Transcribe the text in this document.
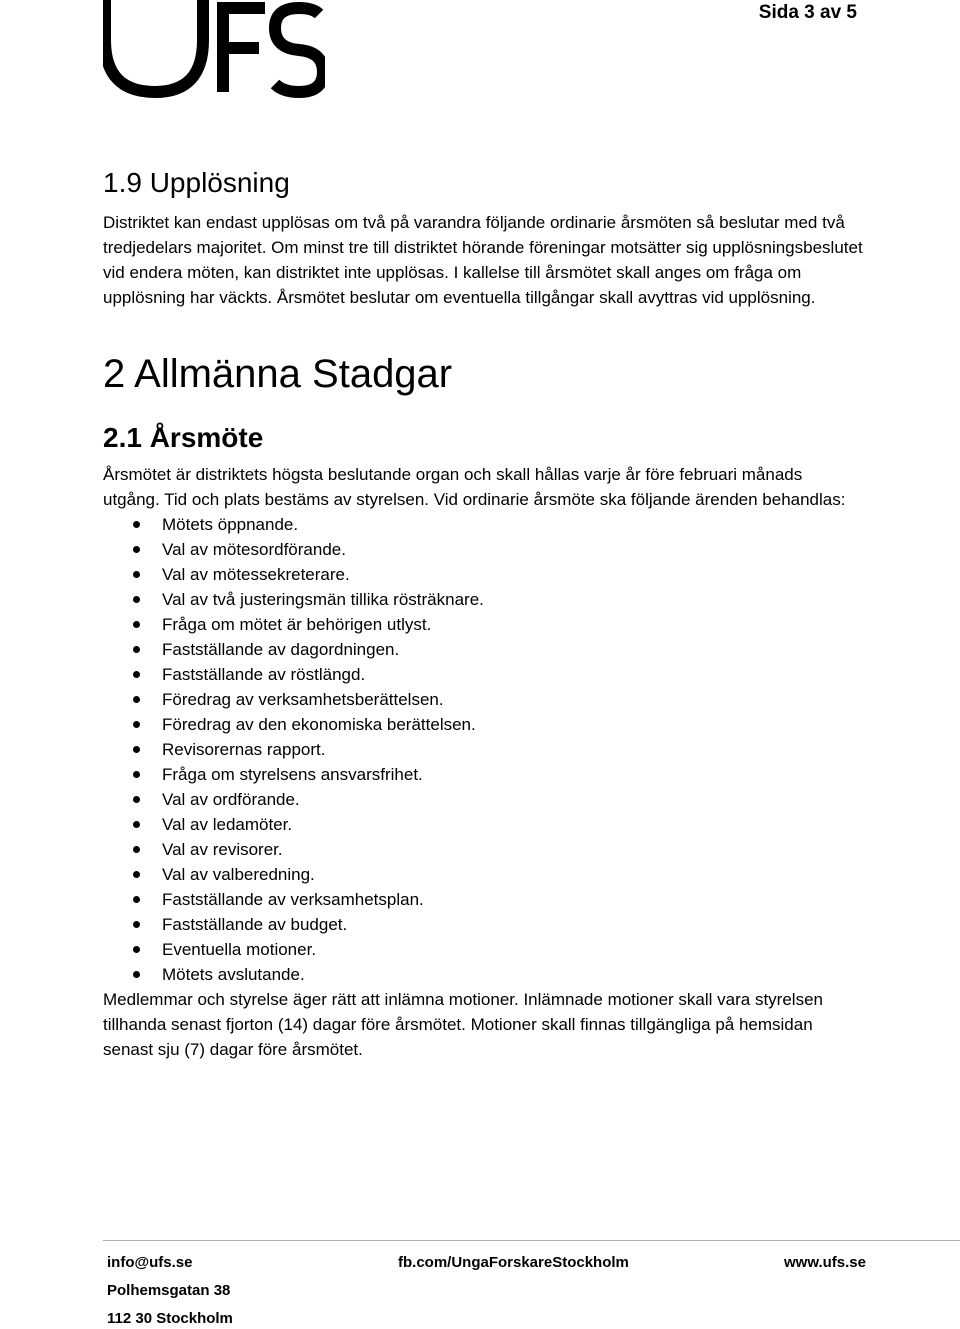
Sida 3 av 5
1.9 Upplösning

Distriktet kan endast upplösas om två på varandra följande ordinarie årsmöten så beslutar med två tredjedelars majoritet. Om minst tre till distriktet hörande föreningar motsätter sig upplösningsbeslutet vid endera möten, kan distriktet inte upplösas. I kallelse till årsmötet skall anges om fråga om upplösning har väckts. Årsmötet beslutar om eventuella tillgångar skall avyttras vid upplösning.

2 Allmänna Stadgar
2.1 Årsmöte

Årsmötet är distriktets högsta beslutande organ och skall hållas varje år före februari månads utgång. Tid och plats bestäms av styrelsen. Vid ordinarie årsmöte ska följande ärenden behandlas:

Mötets öppnande.
Val av mötesordförande.
Val av mötessekreterare.
Val av två justeringsmän tillika rösträknare.
Fråga om mötet är behörigen utlyst.
Fastställande av dagordningen.
Fastställande av röstlängd.
Föredrag av verksamhetsberättelsen.
Föredrag av den ekonomiska berättelsen.
Revisorernas rapport.
Fråga om styrelsens ansvarsfrihet.
Val av ordförande.
Val av ledamöter.
Val av revisorer.
Val av valberedning.
Fastställande av verksamhetsplan.
Fastställande av budget.
Eventuella motioner.
Mötets avslutande.

Medlemmar och styrelse äger rätt att inlämna motioner. Inlämnade motioner skall vara styrelsen tillhanda senast fjorton (14) dagar före årsmötet. Motioner skall finnas tillgängliga på hemsidan senast sju (7) dagar före årsmötet.

info@ufs.se
Polhemsgatan 38
112 30 Stockholm
fb.com/UngaForskareStockholm	www.ufs.se
